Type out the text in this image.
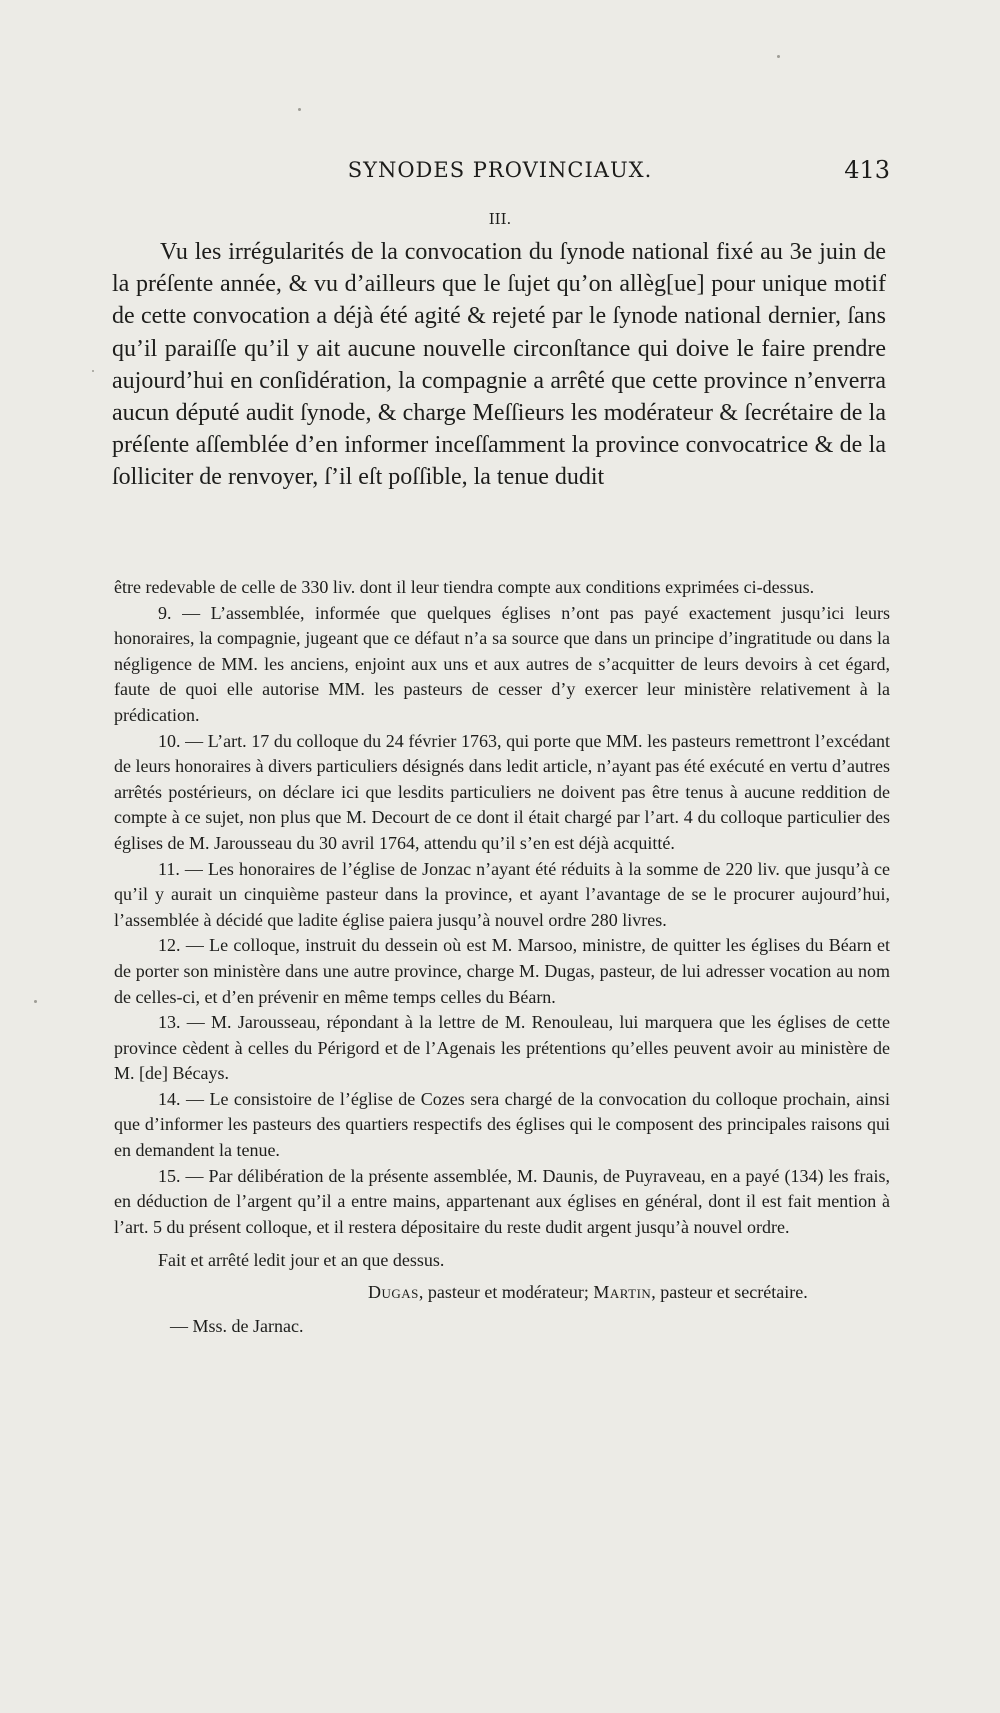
SYNODES PROVINCIAUX.	413
III.

Vu les irrégularités de la convocation du ſynode national fixé au 3e juin de la préſente année, & vu d’ailleurs que le ſujet qu’on allèg[ue] pour unique motif de cette convocation a déjà été agité & rejeté par le ſynode national dernier, ſans qu’il paraiſſe qu’il y ait aucune nouvelle circonſtance qui doive le faire prendre aujourd’hui en conſidération, la compagnie a arrêté que cette province n’enverra aucun député audit ſynode, & charge Meſſieurs les modérateur & ſecrétaire de la préſente aſſemblée d’en informer inceſſamment la province convocatrice & de la ſolliciter de renvoyer, ſ’il eſt poſſible, la tenue dudit

être redevable de celle de 330 liv. dont il leur tiendra compte aux conditions exprimées ci-dessus.

9. — L’assemblée, informée que quelques églises n’ont pas payé exactement jusqu’ici leurs honoraires, la compagnie, jugeant que ce défaut n’a sa source que dans un principe d’ingratitude ou dans la négligence de MM. les anciens, enjoint aux uns et aux autres de s’acquitter de leurs devoirs à cet égard, faute de quoi elle autorise MM. les pasteurs de cesser d’y exercer leur ministère relativement à la prédication.

10. — L’art. 17 du colloque du 24 février 1763, qui porte que MM. les pasteurs remettront l’excédant de leurs honoraires à divers particuliers désignés dans ledit article, n’ayant pas été exécuté en vertu d’autres arrêtés postérieurs, on déclare ici que lesdits particuliers ne doivent pas être tenus à aucune reddition de compte à ce sujet, non plus que M. Decourt de ce dont il était chargé par l’art. 4 du colloque particulier des églises de M. Jarousseau du 30 avril 1764, attendu qu’il s’en est déjà acquitté.

11. — Les honoraires de l’église de Jonzac n’ayant été réduits à la somme de 220 liv. que jusqu’à ce qu’il y aurait un cinquième pasteur dans la province, et ayant l’avantage de se le procurer aujourd’hui, l’assemblée à décidé que ladite église paiera jusqu’à nouvel ordre 280 livres.

12. — Le colloque, instruit du dessein où est M. Marsoo, ministre, de quitter les églises du Béarn et de porter son ministère dans une autre province, charge M. Dugas, pasteur, de lui adresser vocation au nom de celles-ci, et d’en prévenir en même temps celles du Béarn.

13. — M. Jarousseau, répondant à la lettre de M. Renouleau, lui marquera que les églises de cette province cèdent à celles du Périgord et de l’Agenais les prétentions qu’elles peuvent avoir au ministère de M. [de] Bécays.

14. — Le consistoire de l’église de Cozes sera chargé de la convocation du colloque prochain, ainsi que d’informer les pasteurs des quartiers respectifs des églises qui le composent des principales raisons qui en demandent la tenue.

15. — Par délibération de la présente assemblée, M. Daunis, de Puyraveau, en a payé (134) les frais, en déduction de l’argent qu’il a entre mains, appartenant aux églises en général, dont il est fait mention à l’art. 5 du présent colloque, et il restera dépositaire du reste dudit argent jusqu’à nouvel ordre.

Fait et arrêté ledit jour et an que dessus.

Dugas, pasteur et modérateur; Martin, pasteur et secrétaire.

— Mss. de Jarnac.
